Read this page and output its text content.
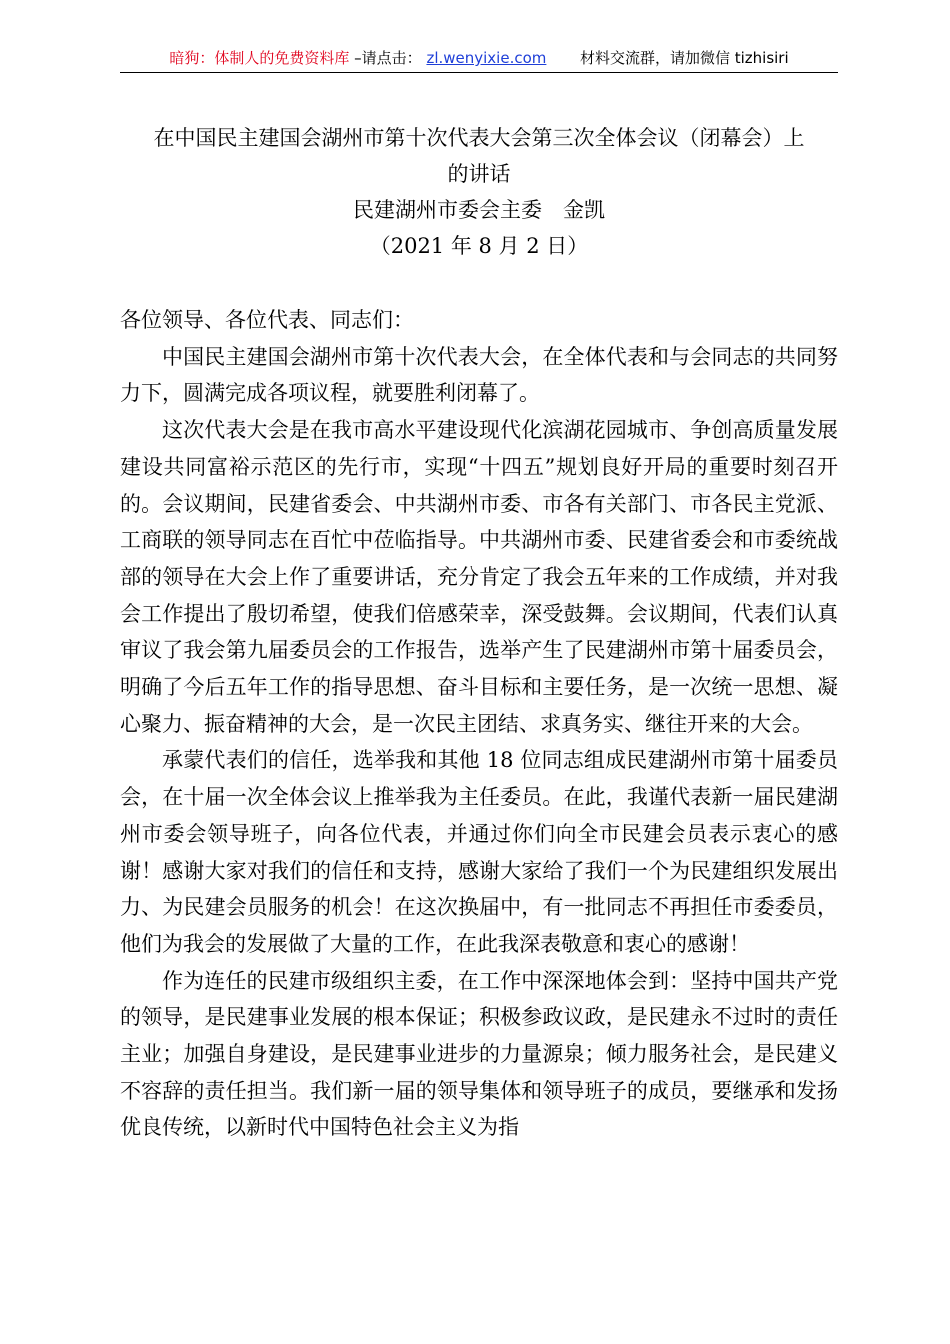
暗狗：体制人的免费资料库 –请点击： zl.wenyixie.com 材料交流群，请加微信 tizhisiri
在中国民主建国会湖州市第十次代表大会第三次全体会议（闭幕会）上
的讲话
民建湖州市委会主委　金凯
（2021 年 8 月 2 日）

各位领导、各位代表、同志们：

中国民主建国会湖州市第十次代表大会，在全体代表和与会同志的共同努力下，圆满完成各项议程，就要胜利闭幕了。

这次代表大会是在我市高水平建设现代化滨湖花园城市、争创高质量发展建设共同富裕示范区的先行市，实现“十四五”规划良好开局的重要时刻召开的。会议期间，民建省委会、中共湖州市委、市各有关部门、市各民主党派、工商联的领导同志在百忙中莅临指导。中共湖州市委、民建省委会和市委统战部的领导在大会上作了重要讲话，充分肯定了我会五年来的工作成绩，并对我会工作提出了殷切希望，使我们倍感荣幸，深受鼓舞。会议期间，代表们认真审议了我会第九届委员会的工作报告，选举产生了民建湖州市第十届委员会，明确了今后五年工作的指导思想、奋斗目标和主要任务，是一次统一思想、凝心聚力、振奋精神的大会，是一次民主团结、求真务实、继往开来的大会。

承蒙代表们的信任，选举我和其他 18 位同志组成民建湖州市第十届委员会，在十届一次全体会议上推举我为主任委员。在此，我谨代表新一届民建湖州市委会领导班子，向各位代表，并通过你们向全市民建会员表示衷心的感谢！感谢大家对我们的信任和支持，感谢大家给了我们一个为民建组织发展出力、为民建会员服务的机会！在这次换届中，有一批同志不再担任市委委员，他们为我会的发展做了大量的工作，在此我深表敬意和衷心的感谢！

作为连任的民建市级组织主委，在工作中深深地体会到：坚持中国共产党的领导，是民建事业发展的根本保证；积极参政议政，是民建永不过时的责任主业；加强自身建设，是民建事业进步的力量源泉；倾力服务社会，是民建义不容辞的责任担当。我们新一届的领导集体和领导班子的成员，要继承和发扬优良传统，以新时代中国特色社会主义为指
